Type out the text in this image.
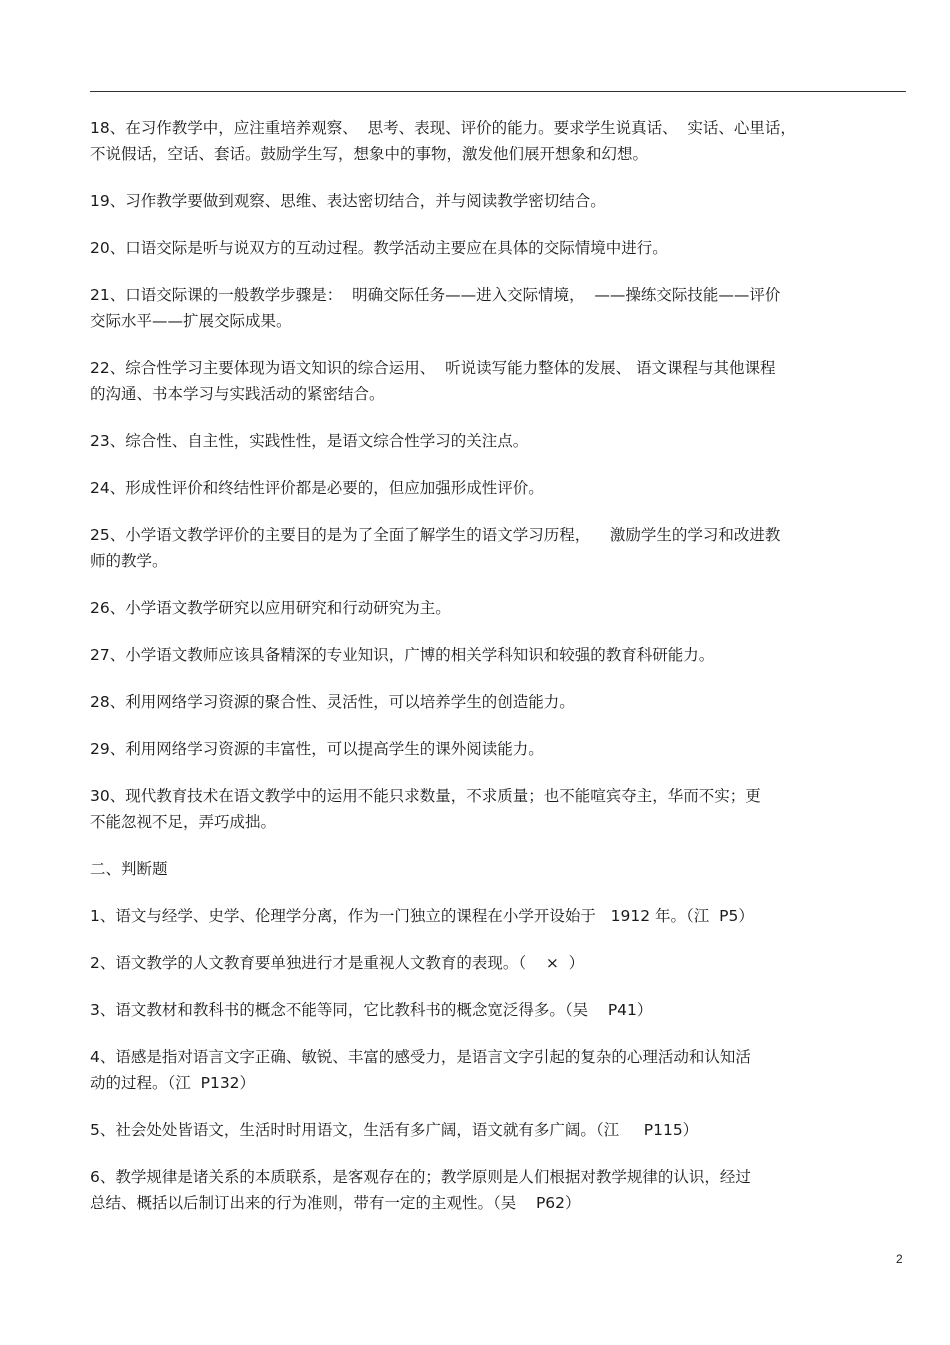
18、在习作教学中，应注重培养观察、  思考、表现、评价的能力。要求学生说真话、  实话、心里话，
不说假话，空话、套话。鼓励学生写，想象中的事物，激发他们展开想象和幻想。

19、习作教学要做到观察、思维、表达密切结合，并与阅读教学密切结合。

20、口语交际是听与说双方的互动过程。教学活动主要应在具体的交际情境中进行。

21、口语交际课的一般教学步骤是：  明确交际任务——进入交际情境，  ——操练交际技能——评价
交际水平——扩展交际成果。

22、综合性学习主要体现为语文知识的综合运用、  听说读写能力整体的发展、 语文课程与其他课程
的沟通、书本学习与实践活动的紧密结合。

23、综合性、自主性，实践性性，是语文综合性学习的关注点。

24、形成性评价和终结性评价都是必要的，但应加强形成性评价。

25、小学语文教学评价的主要目的是为了全面了解学生的语文学习历程，    激励学生的学习和改进教
师的教学。

26、小学语文教学研究以应用研究和行动研究为主。

27、小学语文教师应该具备精深的专业知识，广博的相关学科知识和较强的教育科研能力。

28、利用网络学习资源的聚合性、灵活性，可以培养学生的创造能力。

29、利用网络学习资源的丰富性，可以提高学生的课外阅读能力。

30、现代教育技术在语文教学中的运用不能只求数量，不求质量；也不能喧宾夺主，华而不实；更
不能忽视不足，弄巧成拙。

二、判断题

1、语文与经学、史学、伦理学分离，作为一门独立的课程在小学开设始于   1912 年。（江  P5）

2、语文教学的人文教育要单独进行才是重视人文教育的表现。（    ×  ）

3、语文教材和教科书的概念不能等同，它比教科书的概念宽泛得多。（吴    P41）

4、语感是指对语言文字正确、敏锐、丰富的感受力，是语言文字引起的复杂的心理活动和认知活
动的过程。（江  P132）

5、社会处处皆语文，生活时时用语文，生活有多广阔，语文就有多广阔。（江     P115）

6、教学规律是诸关系的本质联系，是客观存在的；教学原则是人们根据对教学规律的认识，经过
总结、概括以后制订出来的行为准则，带有一定的主观性。（吴    P62）

2
